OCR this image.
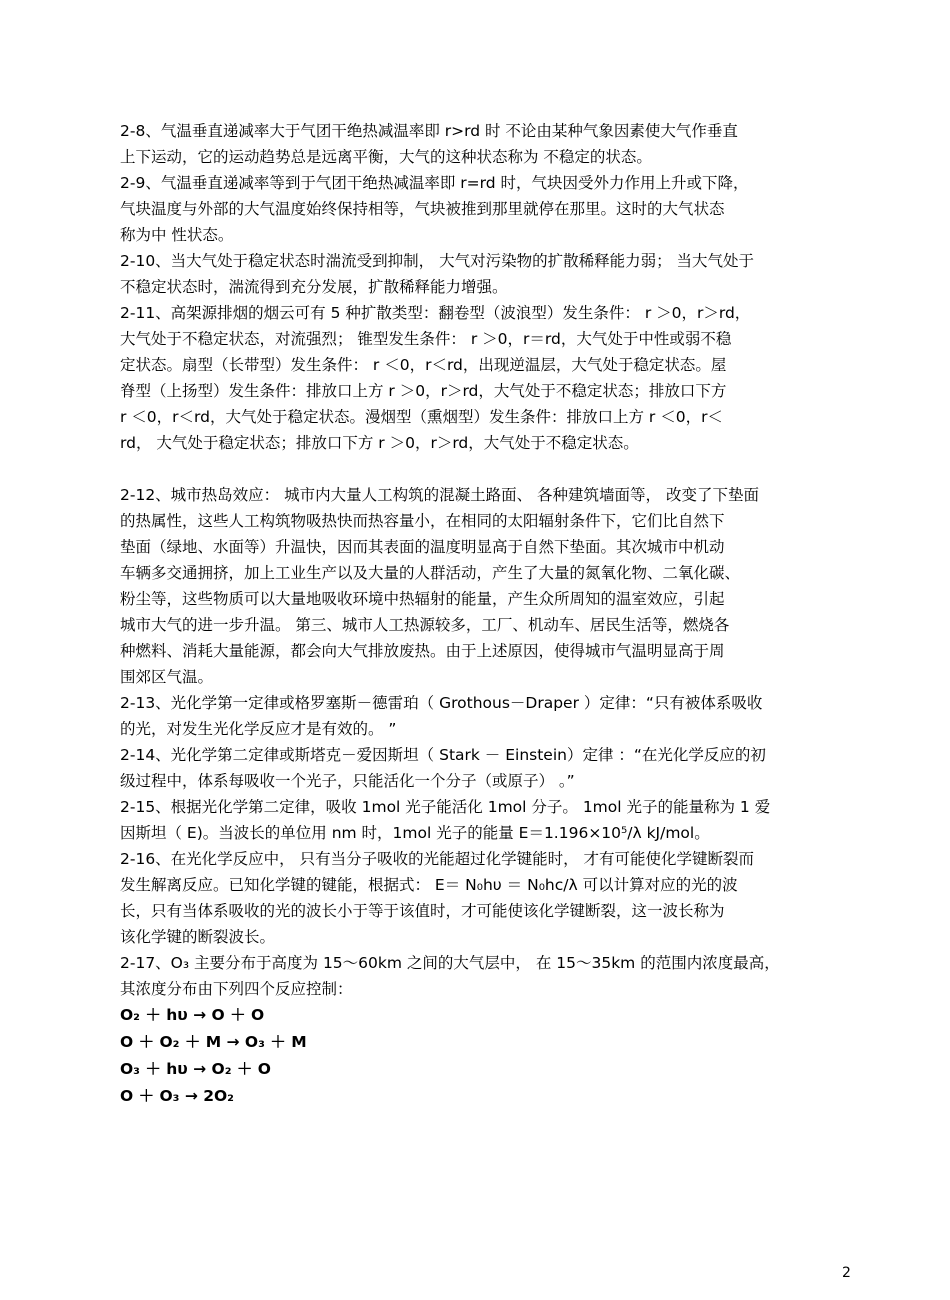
2-8、气温垂直递减率大于气团干绝热减温率即 r>rd 时 不论由某种气象因素使大气作垂直
上下运动，它的运动趋势总是远离平衡，大气的这种状态称为 不稳定的状态。
2-9、气温垂直递减率等到于气团干绝热减温率即 r=rd 时，气块因受外力作用上升或下降，
气块温度与外部的大气温度始终保持相等，气块被推到那里就停在那里。这时的大气状态
称为中 性状态。
2-10、当大气处于稳定状态时湍流受到抑制， 大气对污染物的扩散稀释能力弱； 当大气处于
不稳定状态时，湍流得到充分发展，扩散稀释能力增强。
2-11、高架源排烟的烟云可有 5 种扩散类型：翻卷型（波浪型）发生条件： r ＞0，r＞rd，
大气处于不稳定状态，对流强烈； 锥型发生条件： r ＞0，r＝rd，大气处于中性或弱不稳
定状态。扇型（长带型）发生条件： r ＜0，r＜rd，出现逆温层，大气处于稳定状态。屋
脊型（上扬型）发生条件：排放口上方 r ＞0，r＞rd，大气处于不稳定状态；排放口下方
r ＜0，r＜rd，大气处于稳定状态。漫烟型（熏烟型）发生条件：排放口上方 r ＜0，r＜
rd， 大气处于稳定状态；排放口下方 r ＞0，r＞rd，大气处于不稳定状态。
2-12、城市热岛效应： 城市内大量人工构筑的混凝土路面、 各种建筑墙面等， 改变了下垫面
的热属性，这些人工构筑物吸热快而热容量小，在相同的太阳辐射条件下，它们比自然下
垫面（绿地、水面等）升温快，因而其表面的温度明显高于自然下垫面。其次城市中机动
车辆多交通拥挤，加上工业生产以及大量的人群活动，产生了大量的氮氧化物、二氧化碳、
粉尘等，这些物质可以大量地吸收环境中热辐射的能量，产生众所周知的温室效应，引起
城市大气的进一步升温。 第三、城市人工热源较多，工厂、机动车、居民生活等，燃烧各
种燃料、消耗大量能源，都会向大气排放废热。由于上述原因，使得城市气温明显高于周
围郊区气温。
2-13、光化学第一定律或格罗塞斯－德雷珀（ Grothous－Draper ）定律：“只有被体系吸收
的光，对发生光化学反应才是有效的。 ”
2-14、光化学第二定律或斯塔克－爱因斯坦（ Stark － Einstein）定律 ：“在光化学反应的初
级过程中，体系每吸收一个光子，只能活化一个分子（或原子） 。”
2-15、根据光化学第二定律，吸收 1mol 光子能活化 1mol 分子。 1mol 光子的能量称为 1 爱
因斯坦（ E)。当波长的单位用 nm 时，1mol 光子的能量 E＝1.196×10⁵/λ kJ/mol。
2-16、在光化学反应中， 只有当分子吸收的光能超过化学键能时， 才有可能使化学键断裂而
发生解离反应。已知化学键的键能，根据式： E＝ N₀hυ ＝ N₀hc/λ 可以计算对应的光的波
长，只有当体系吸收的光的波长小于等于该值时，才可能使该化学键断裂，这一波长称为
该化学键的断裂波长。
2-17、O₃ 主要分布于高度为 15～60km 之间的大气层中， 在 15～35km 的范围内浓度最高，
其浓度分布由下列四个反应控制：
O₂ ＋ hυ → O ＋ O
O ＋ O₂ ＋ M → O₃ ＋ M
O₃ ＋ hυ → O₂ ＋ O
O ＋ O₃ → 2O₂
2
